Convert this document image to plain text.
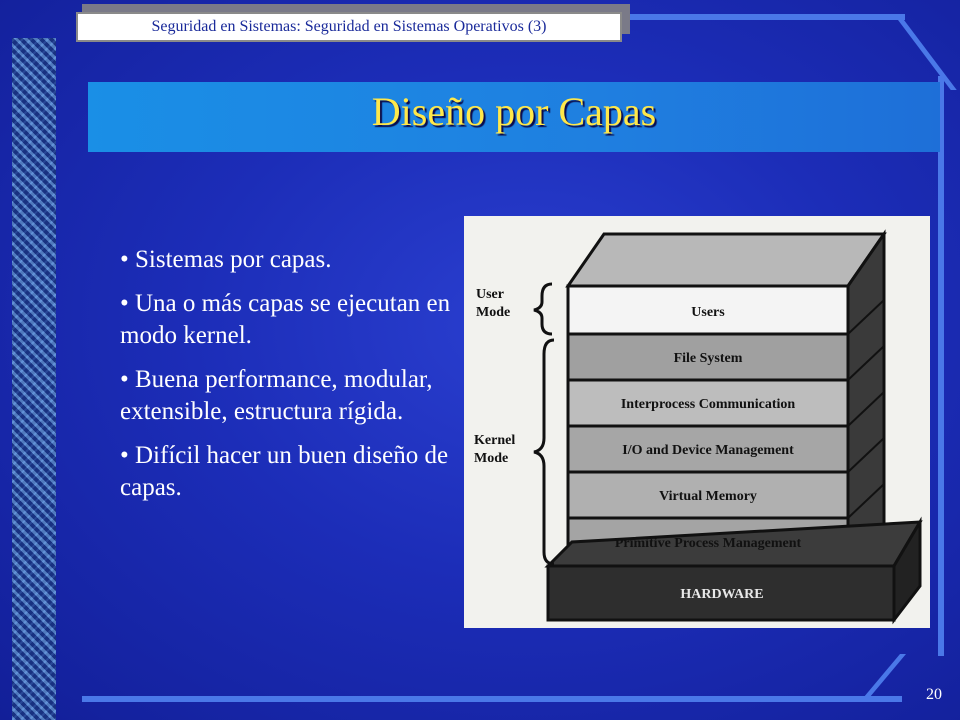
Seguridad en Sistemas: Seguridad en Sistemas Operativos (3)
Diseño por Capas
• Sistemas por capas.
• Una o más capas se ejecutan en modo kernel.
• Buena performance, modular, extensible, estructura rígida.
• Difícil hacer un buen diseño de capas.
Users
File System
Interprocess Communication
I/O and Device Management
Virtual Memory
Primitive Process Management
HARDWARE
User
Mode
Kernel
Mode
20
